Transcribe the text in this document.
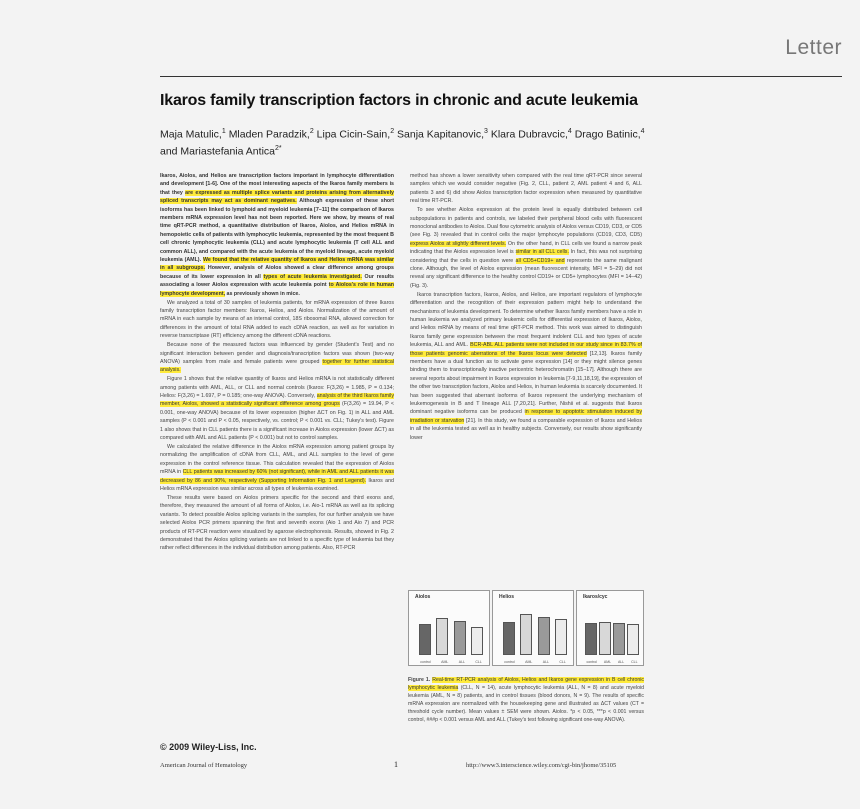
Letter
Ikaros family transcription factors in chronic and acute leukemia
Maja Matulic,$^1$ Mladen Paradzik,$^2$ Lipa Cicin-Sain,$^2$ Sanja Kapitanovic,$^3$ Klara Dubravcic,$^4$ Drago Batinic,$^4$
and Mariastefania Antica$^{2*}$

Ikaros, Aiolos, and Helios are transcription factors important in lymphocyte differentiation and development [1-6]. One of the most interesting aspects of the Ikaros family members is that they are expressed as multiple splice variants and proteins arising from alternatively spliced transcripts may act as dominant negatives. Although expression of these short isoforms has been linked to lymphoid and myeloid leukemia [7–11] the comparison of Ikaros members mRNA expression level has not been reported. Here we show, by means of real time qRT-PCR method, a quantitative distribution of Ikaros, Aiolos, and Helios mRNA in hemopoietic cells of patients with lymphocytic leukemia, represented by the most frequent B cell chronic lymphocytic leukemia (CLL) and acute lymphocytic leukemia (T cell ALL and common ALL), and compared with the acute leukemia of the myeloid lineage, acute myeloid leukemia (AML). We found that the relative quantity of Ikaros and Helios mRNA was similar in all subgroups. However, analysis of Aiolos showed a clear difference among groups because of its lower expression in all types of acute leukemia investigated. Our results associating a lower Aiolos expression with acute leukemia point to Aiolos's role in human lymphocyte development, as previously shown in mice.

We analyzed a total of 30 samples of leukemia patients, for mRNA expression of three Ikaros family transcription factor members: Ikaros, Helios, and Aiolos. Normalization of the amount of mRNA in each sample by means of an internal control, 18S ribosomal RNA, allowed correction for differences in the amount of total RNA added to each cDNA reaction, as well as for variation in reverse transcriptase (RT) efficiency among the different cDNA reactions.

Because none of the measured factors was influenced by gender (Student's Test) and no significant interaction between gender and diagnosis/transcription factors was shown (two-way ANOVA) samples from male and female patients were grouped together for further statistical analysis.

Figure 1 shows that the relative quantity of Ikaros and Helios mRNA is not statistically different among patients with AML, ALL, or CLL and normal controls (Ikaros: F(3,26) = 1.985, P = 0.134; Helios: F(3,26) = 1.697, P = 0.185; one-way ANOVA). Conversely, analysis of the third Ikaros family member, Aiolos, showed a statistically significant difference among groups (F(3,26) = 19.94, P < 0.001, one-way ANOVA) because of its lower expression (higher ΔCT on Fig. 1) in ALL and AML samples (P < 0.001 and P < 0.05, respectively, vs. control; P < 0.001 vs. CLL; Tukey's test). Figure 1 also shows that in CLL patients there is a significant increase in Aiolos expression (lower ΔCT) as compared with AML and ALL patients (P < 0.001) but not to control samples.

We calculated the relative difference in the Aiolos mRNA expression among patient groups by normalizing the amplification of cDNA from CLL, AML, and ALL samples to the level of gene expression in the control reference tissue. This calculation revealed that the expression of Aiolos mRNA in CLL patients was increased by 60% (not significant), while in AML and ALL patients it was decreased by 86 and 90%, respectively (Supporting Information Fig. 1 and Legend). Ikaros and Helios mRNA expression was similar across all types of leukemia examined.

These results were based on Aiolos primers specific for the second and third exons and, therefore, they measured the amount of all forms of Aiolos, i.e. Aio-1 mRNA as well as its splicing variants. To detect possible Aiolos splicing variants in the samples, for our further analysis we have selected Aiolos PCR primers spanning the first and seventh exons (Aio 1 and Aio 7) and PCR products of RT-PCR reaction were visualized by agarose electrophoresis. Results, showed in Fig. 2 demonstrated that the Aiolos splicing variants are not linked to a specific type of leukemia but they rather reflect differences in the individual distribution among patients. Also, RT-PCR

method has shown a lower sensitivity when compared with the real time qRT-PCR since several samples which we would consider negative (Fig. 2, CLL, patient 2, AML patient 4 and 6, ALL patients 3 and 6) did show Aiolos transcription factor expression when measured by quantitative real time RT-PCR.

To see whether Aiolos expression at the protein level is equally distributed between cell subpopulations in patients and controls, we labeled their peripheral blood cells with fluorescent monoclonal antibodies to Aiolos. Dual flow cytometric analysis of Aiolos versus CD19, CD3, or CD5 (see Fig. 3) revealed that in control cells the major lymphocyte populations (CD19, CD3, CD5) express Aiolos at slightly different levels. On the other hand, in CLL cells we found a narrow peak indicating that the Aiolos expression level is similar in all CLL cells. In fact, this was not surprising considering that the cells in question were all CD5+CD19+ and represents the same malignant clone. Although, the level of Aiolos expression (mean fluorescent intensity, MFI = 5–29) did not reveal any significant difference to the healthy control CD19+ or CD5+ lymphocytes (MFI = 14–42) (Fig. 3).

Ikaros transcription factors, Ikaros, Aiolos, and Helios, are important regulators of lymphocyte differentiation and the recognition of their expression pattern might help to understand the mechanisms of leukemia development. To determine whether Ikaros family members have a role in human leukemia we analyzed primary leukemic cells for differential expression of Ikaros, Aiolos, and Helios mRNA by means of real time qRT-PCR method. This work was aimed to distinguish Ikaros family gene expression between the most frequent indolent CLL and two types of acute leukemia, ALL and AML. BCR-ABL ALL patients were not included in our study since in 83.7% of those patients genomic aberrations of the Ikaros locus were detected [12,13]. Ikaros family members have a dual function as to activate gene expression [14] or they might silence genes binding them to transcriptionally inactive pericentric heterochromatin [15–17]. Although there are several reports about impairment in Ikaros expression in leukemia [7-9,11,18,19], the expression of the other two transcription factors, Aiolos and Helios, in human leukemia is scarcely documented. It has been suggested that aberrant isoforms of Ikaros represent the underlying mechanism of leukemogenesis in B and T lineage ALL [7,20,21]. Further, Nishii et al. suggests that Ikaros dominant negative isoforms can be produced in response to apoptotic stimulation induced by irradiation or starvation [21]. In this study, we found a comparable expression of Ikaros and Helios in all the leukemia tested as well as in healthy subjects. Conversely, our results show significantly lower

Aiolos
control	AML	ALL	CLL
Helios
control	AML	ALL	CLL
Ikaros/cyc
control AML ALL CLL
Figure 1. Real-time RT-PCR analysis of Aiolos, Helios and Ikaros gene expression in B cell chronic lymphocytic leukemia (CLL, N = 14), acute lymphocytic leukemia (ALL, N = 8) and acute myeloid leukemia (AML, N = 8) patients, and in control tissues (blood donors, N = 9). The results of specific mRNA expression are normalized with the housekeeping gene and illustrated as ΔCT values (CT = threshold cycle number). Mean values ± SEM were shown. Aiolos. *p < 0.05, ***p < 0.001 versus control, ###p < 0.001 versus AML and ALL (Tukey's test following significant one-way ANOVA).
© 2009 Wiley-Liss, Inc.
American Journal of Hematology	1	http://www3.interscience.wiley.com/cgi-bin/jhome/35105
